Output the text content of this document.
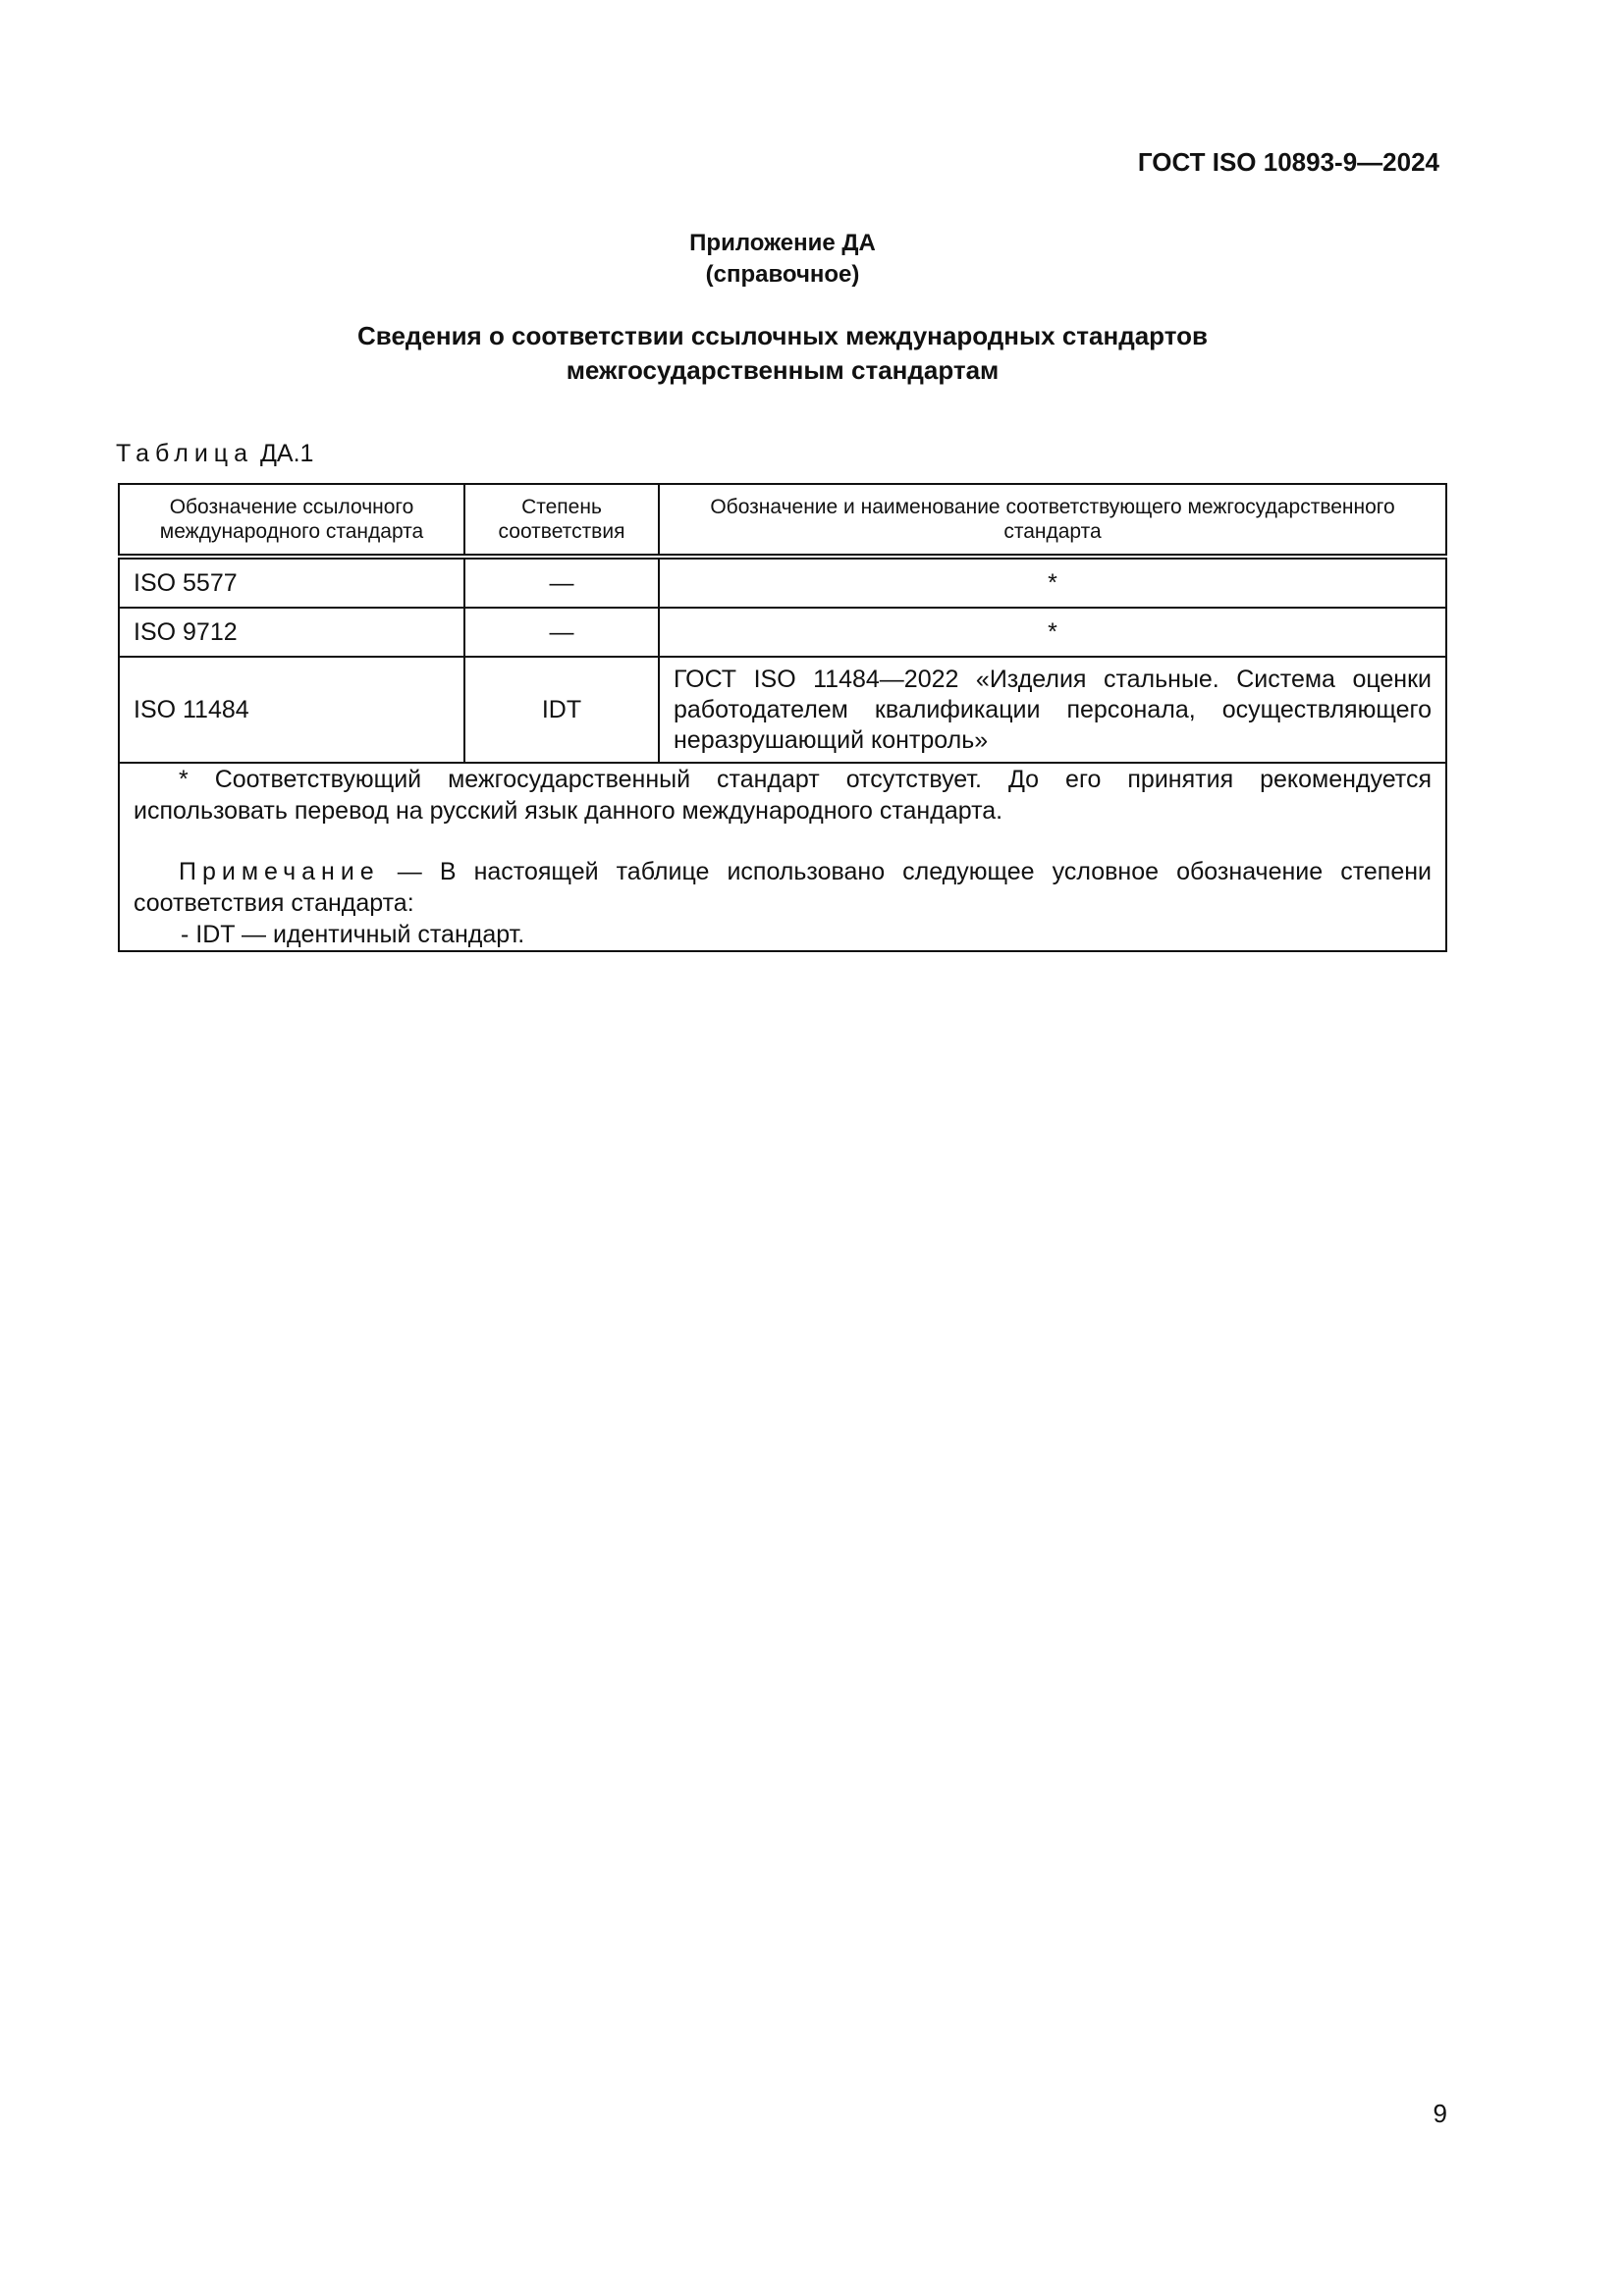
ГОСТ ISO 10893-9—2024
Приложение ДА
(справочное)
Сведения о соответствии ссылочных международных стандартов
межгосударственным стандартам
Таблица ДА.1
Обозначение ссылочного международного стандарта	Степень соответствия	Обозначение и наименование соответствующего межгосударственного стандарта
ISO 5577	—	*
ISO 9712	—	*
ISO 11484	IDT	ГОСТ ISO 11484—2022 «Изделия стальные. Система оценки работодателем квалификации персонала, осуществляющего неразрушающий контроль»

* Соответствующий межгосударственный стандарт отсутствует. До его принятия рекомендуется использовать перевод на русский язык данного международного стандарта.
Примечание — В настоящей таблице использовано следующее условное обозначение степени соответствия стандарта:
- IDT — идентичный стандарт.		
9
